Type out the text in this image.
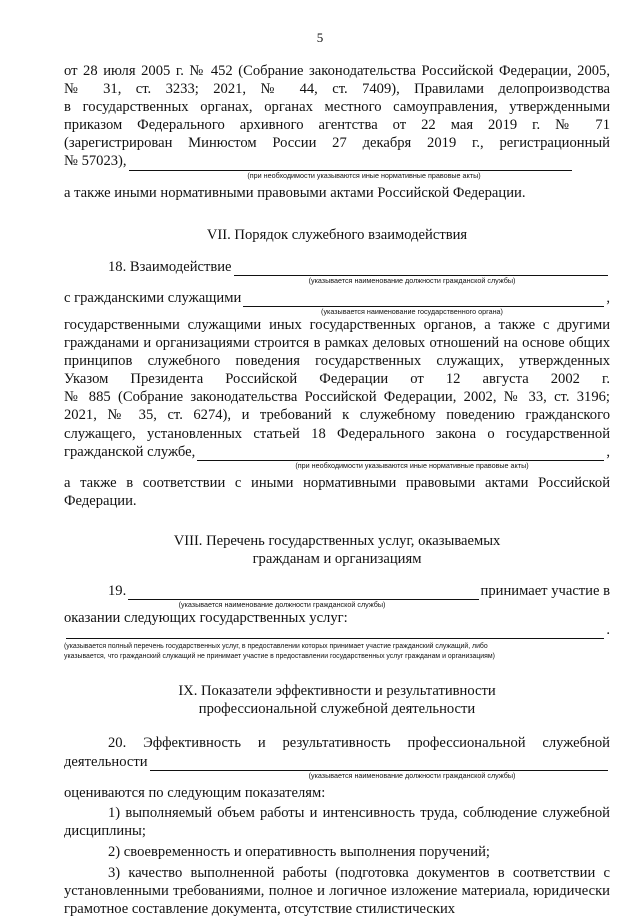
5

от 28 июля 2005 г. № 452 (Собрание законодательства Российской Федерации, 2005,

№ 31, ст. 3233; 2021, № 44, ст. 7409), Правилами делопроизводства

в государственных органах, органах местного самоуправления, утвержденными

приказом Федерального архивного агентства от 22 мая 2019 г. № 71

(зарегистрирован Минюстом России 27 декабря 2019 г., регистрационный

№ 57023),
(при необходимости указываются иные нормативные правовые акты)

а также иными нормативными правовыми актами Российской Федерации.

VII. Порядок служебного взаимодействия

18. Взаимодействие
(указывается наименование должности гражданской службы)
с гражданскими служащими	,
(указывается наименование государственного органа)

государственными служащими иных государственных органов, а также с другими

гражданами и организациями строится в рамках деловых отношений на основе общих

принципов служебного поведения государственных служащих, утвержденных

Указом Президента Российской Федерации от 12 августа 2002 г.

№ 885 (Собрание законодательства Российской Федерации, 2002, № 33, ст. 3196;

2021, № 35, ст. 6274), и требований к служебному поведению гражданского

служащего, установленных статьей 18 Федерального закона о государственной

гражданской службе,	,
(при необходимости указываются иные нормативные правовые акты)

а также в соответствии с иными нормативными правовыми актами Российской Федерации.

VIII. Перечень государственных услуг, оказываемых

гражданам и организациям

19.	принимает участие в
(указывается наименование должности гражданской службы)

оказании следующих государственных услуг:

.
(указывается полный перечень государственных услуг, в предоставлении которых принимает участие гражданский служащий, либо
указывается, что гражданский служащий не принимает участие в предоставлении государственных услуг гражданам и организациям)

IX. Показатели эффективности и результативности

профессиональной служебной деятельности

20. Эффективность и результативность профессиональной служебной

деятельности
(указывается наименование должности гражданской службы)

оцениваются по следующим показателям:

1) выполняемый объем работы и интенсивность труда, соблюдение служебной дисциплины;

2) своевременность и оперативность выполнения поручений;

3) качество выполненной работы (подготовка документов в соответствии с установленными требованиями, полное и логичное изложение материала, юридически грамотное составление документа, отсутствие стилистических
